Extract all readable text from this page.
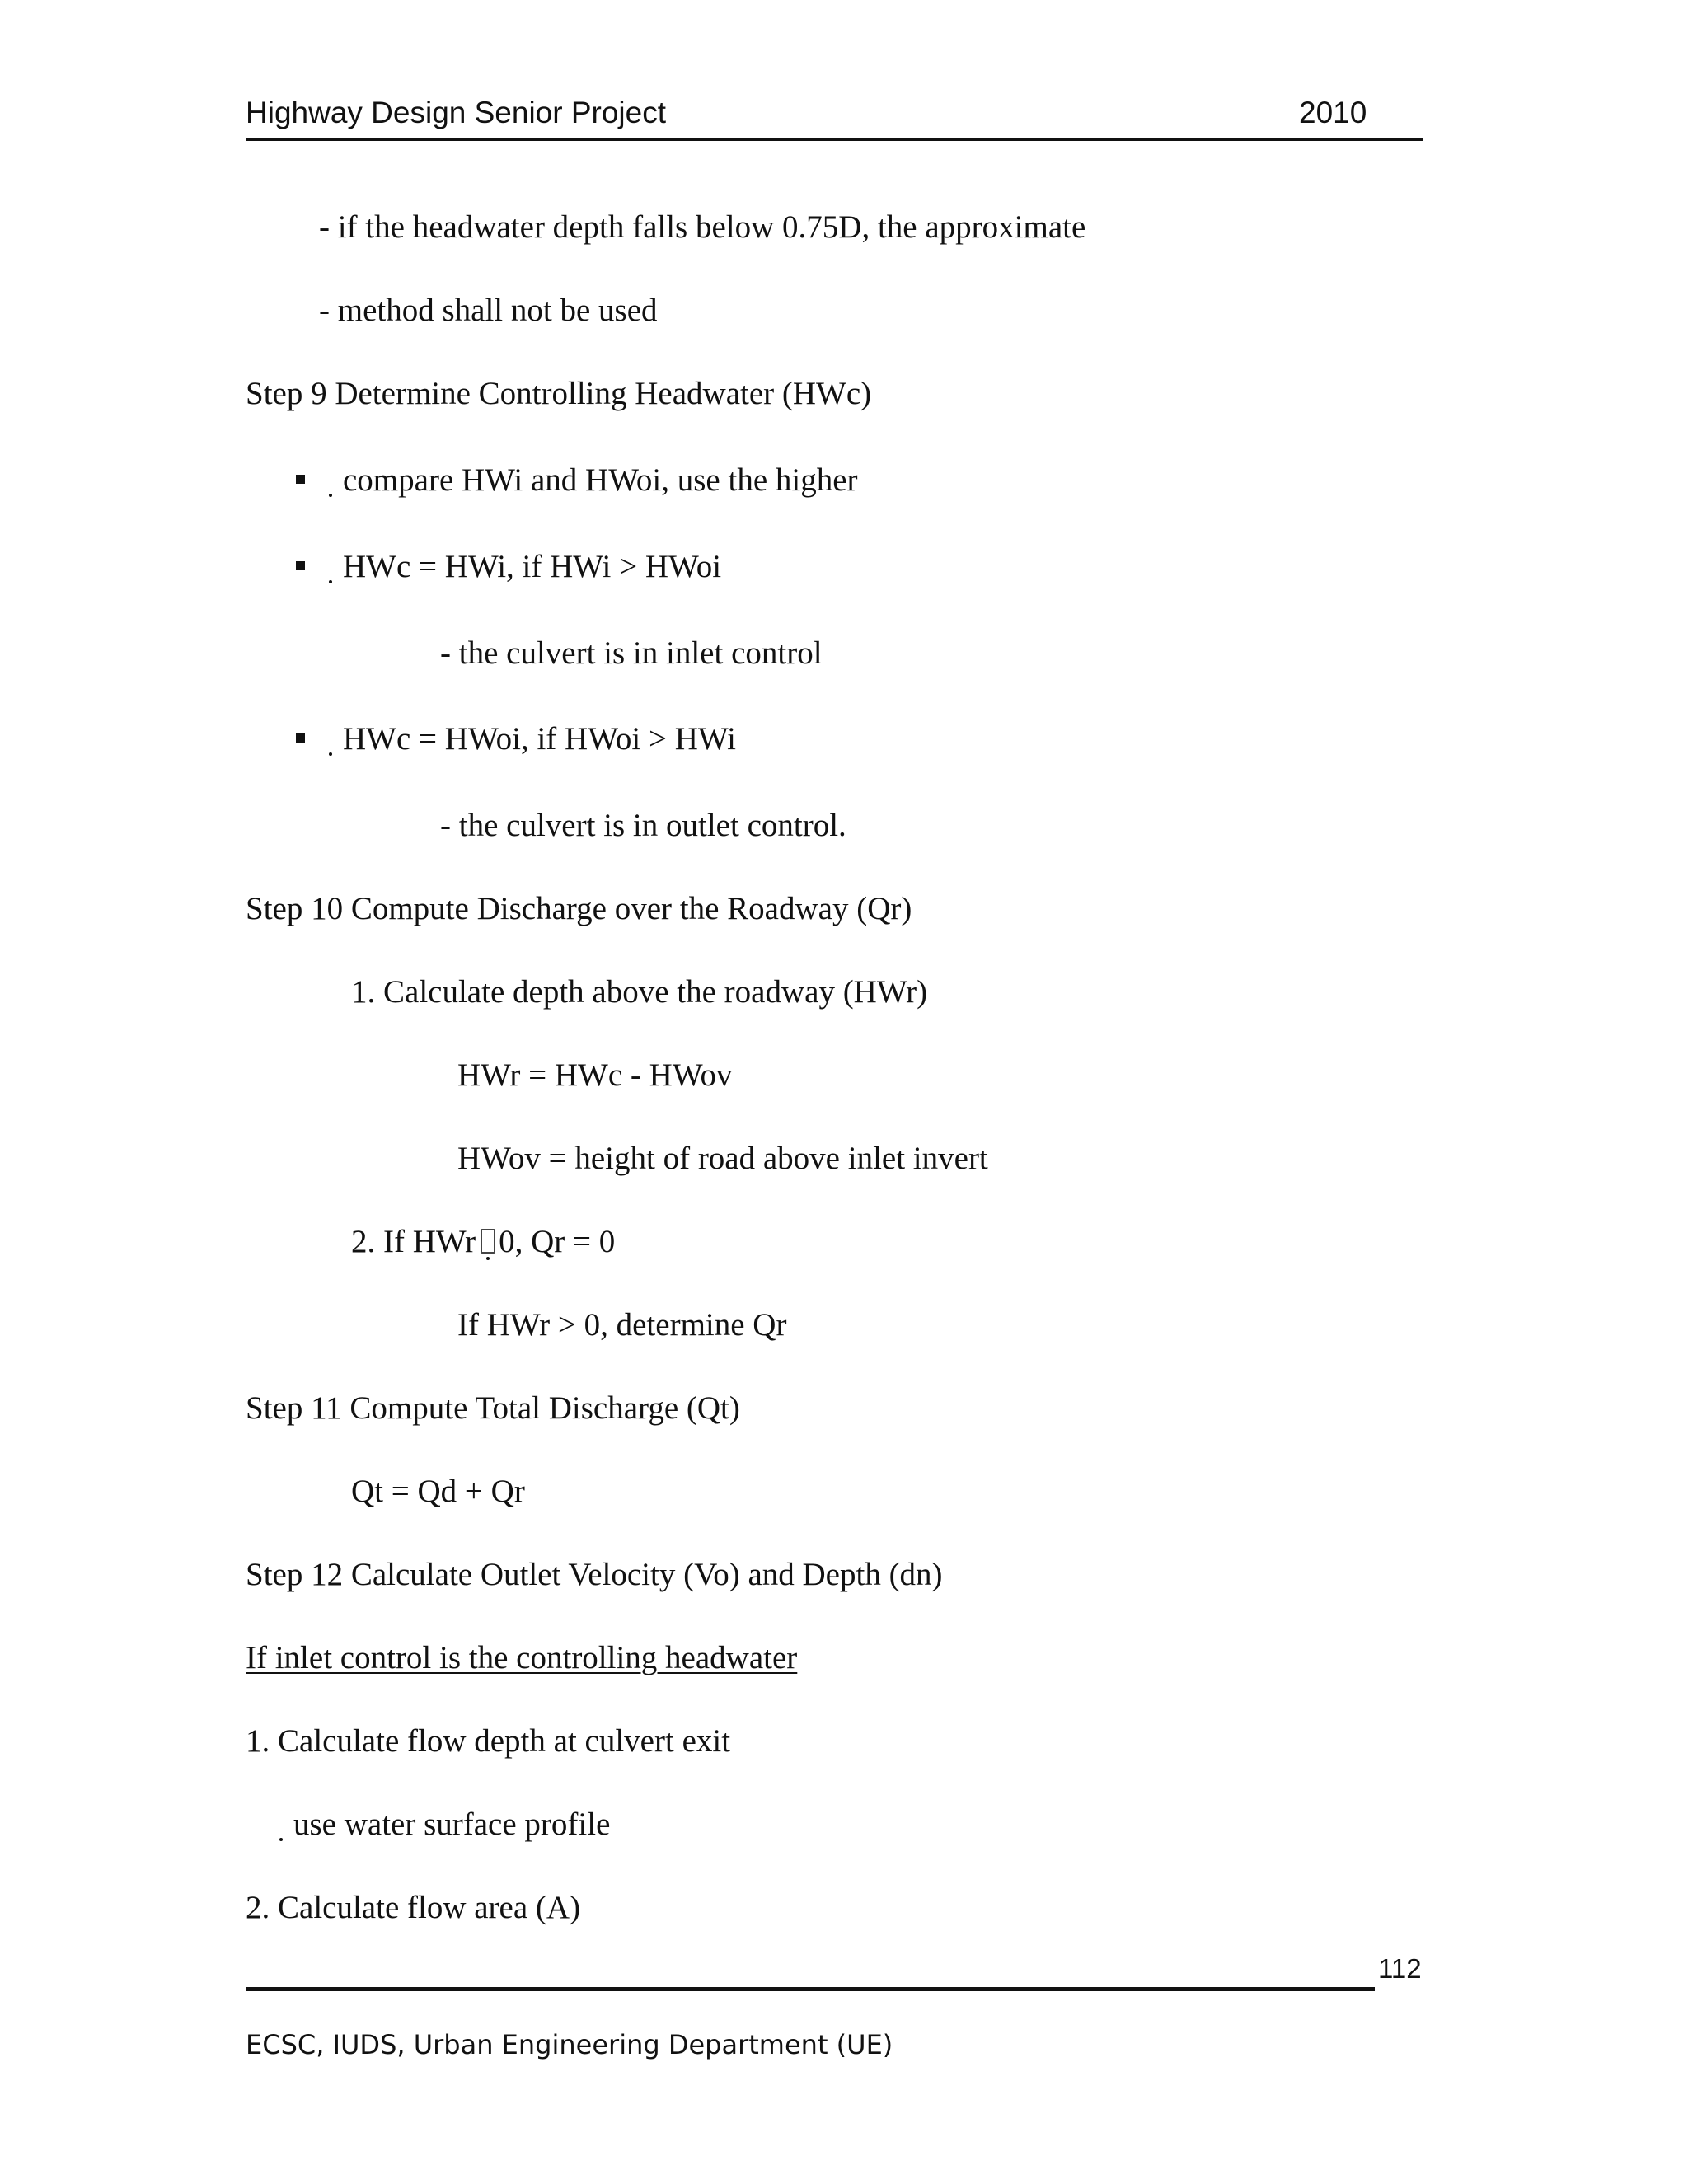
Highway Design Senior Project	2010
- if the headwater depth falls below 0.75D, the approximate
- method shall not be used
Step 9 Determine Controlling Headwater (HWc)
compare HWi and HWoi, use the higher
HWc = HWi, if HWi > HWoi
- the culvert is in inlet control
HWc = HWoi, if HWoi > HWi
- the culvert is in outlet control.
Step 10 Compute Discharge over the Roadway (Qr)
1. Calculate depth above the roadway (HWr)
HWr = HWc - HWov
HWov = height of road above inlet invert
2. If HWr 0, Qr = 0
If HWr > 0, determine Qr
Step 11 Compute Total Discharge (Qt)
Qt = Qd + Qr
Step 12 Calculate Outlet Velocity (Vo) and Depth (dn)
If inlet control is the controlling headwater
1. Calculate flow depth at culvert exit
use water surface profile
2. Calculate flow area (A)
112
ECSC, IUDS, Urban Engineering Department (UE)
